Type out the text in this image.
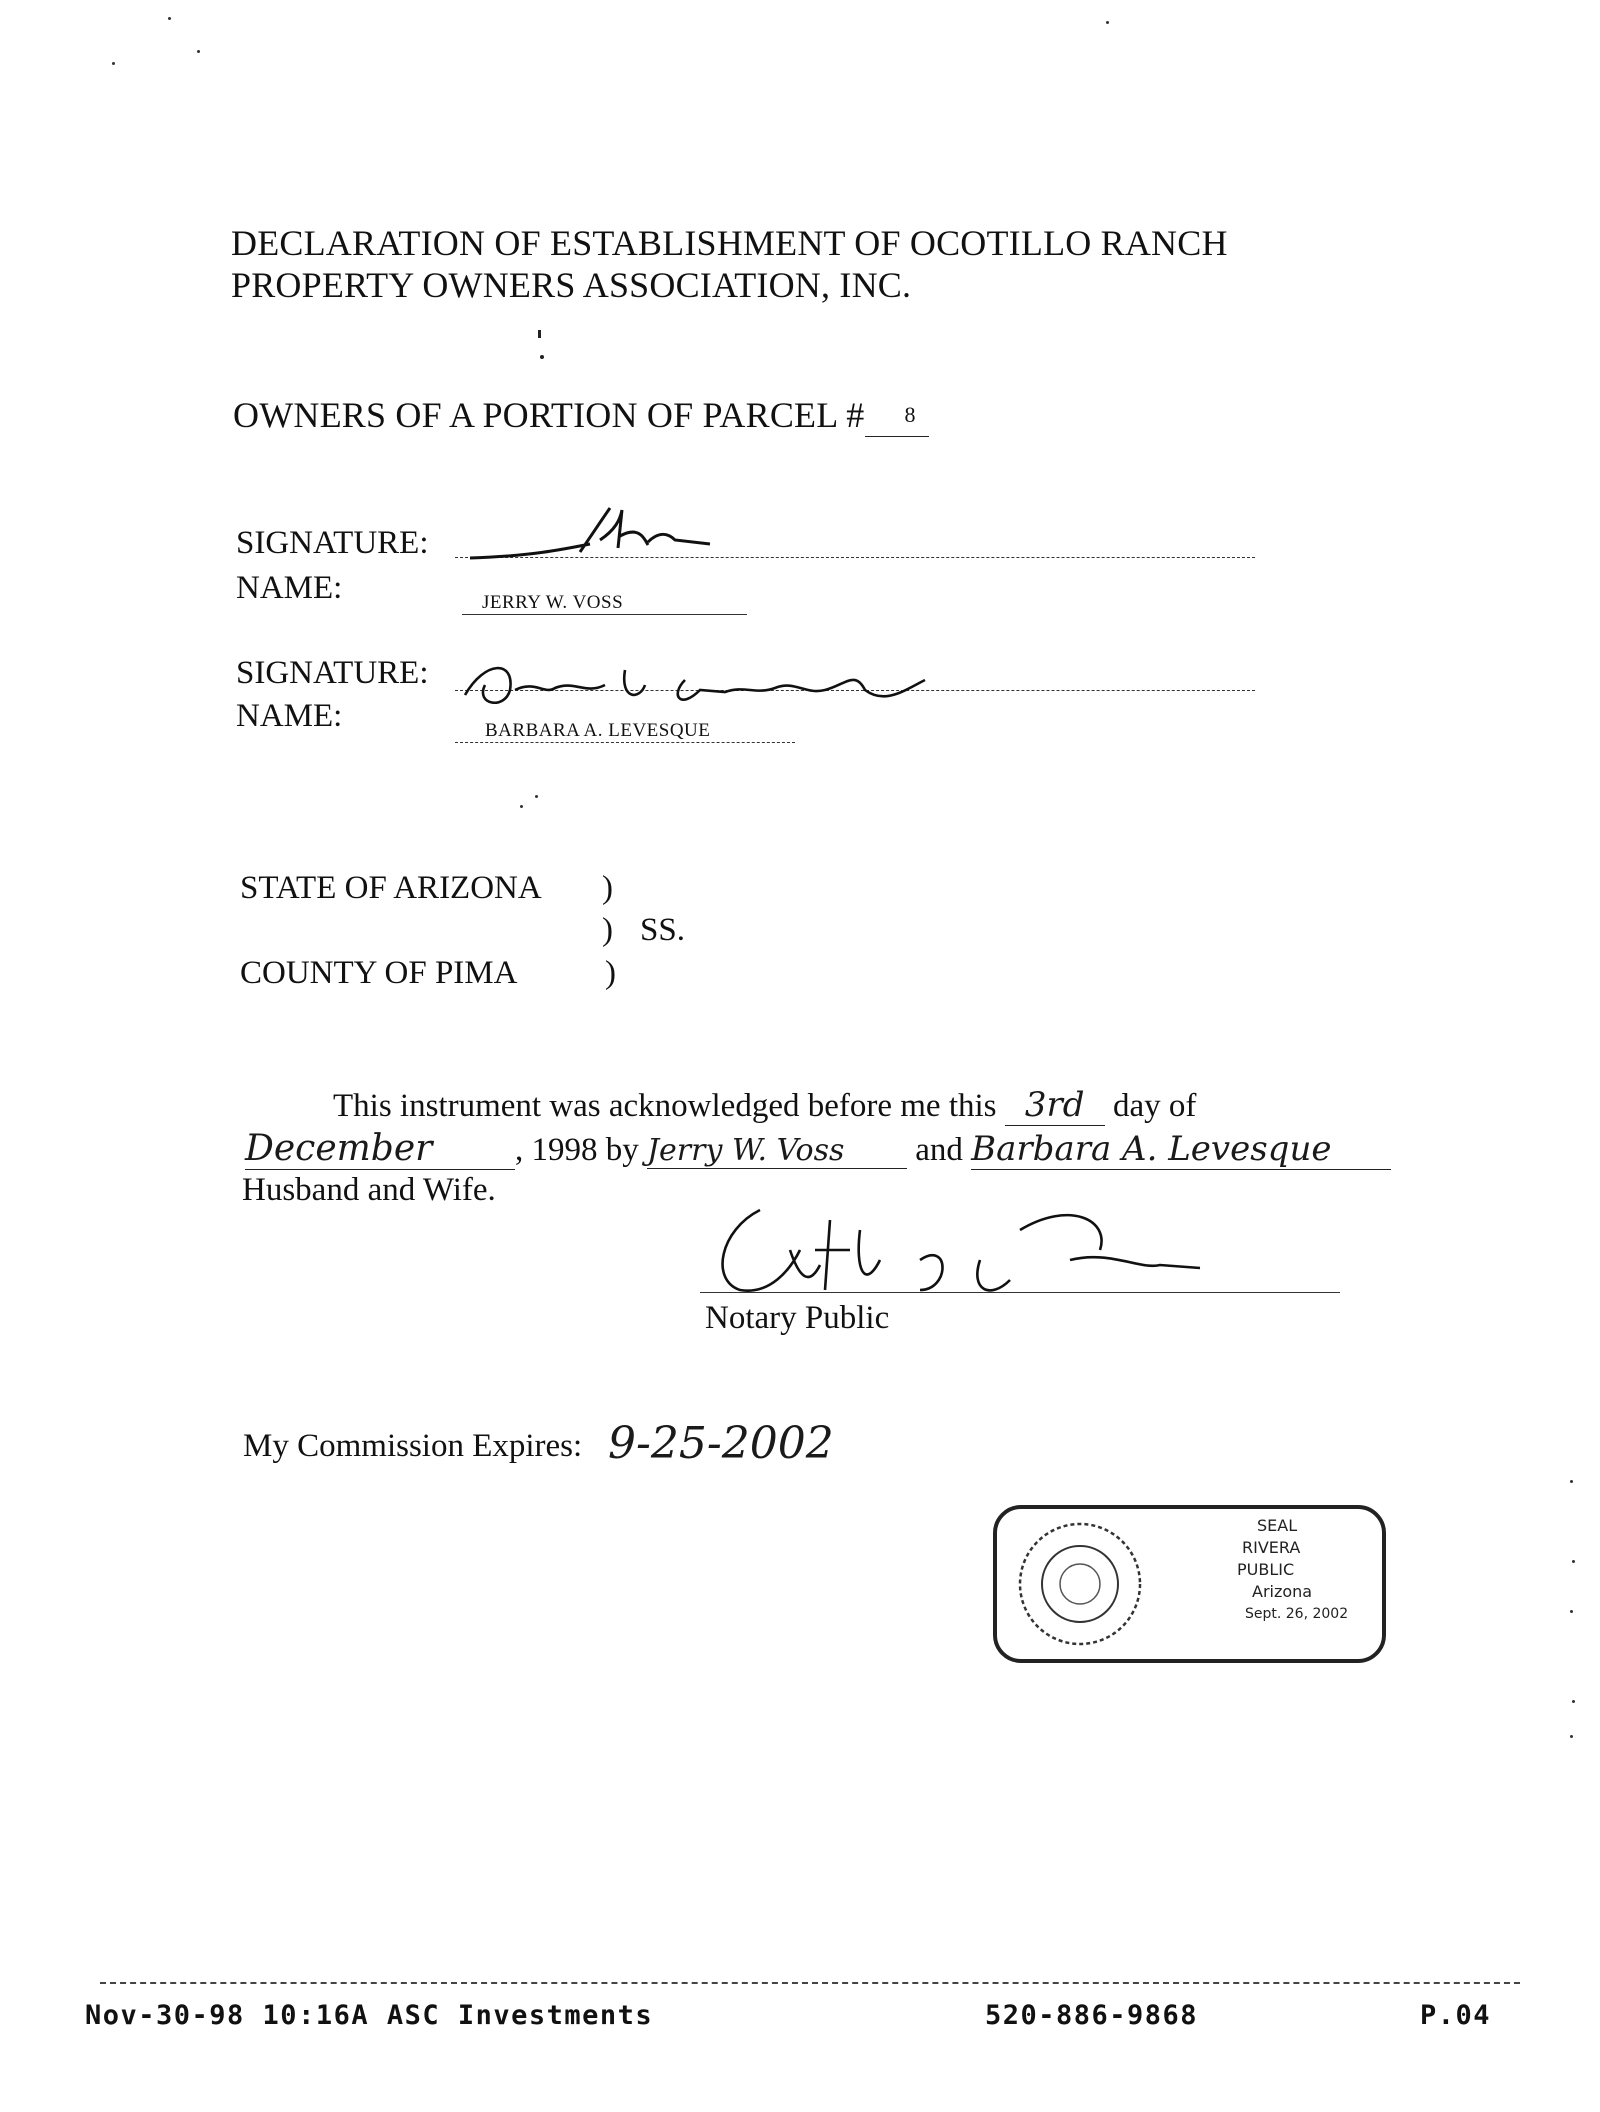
DECLARATION OF ESTABLISHMENT OF OCOTILLO RANCH
PROPERTY OWNERS ASSOCIATION, INC.
OWNERS OF A PORTION OF PARCEL # 8

SIGNATURE:
NAME:	JERRY W. VOSS
SIGNATURE:
NAME:	BARBARA A. LEVESQUE
STATE OF ARIZONA )
) SS.
COUNTY OF PIMA	)
This instrument was acknowledged before me this 3rd day of
December	, 1998 by Jerry W. Voss and Barbara A. Levesque
Husband and Wife.
Notary Public
My Commission Expires: 9-25-2002
SEAL
RIVERA
PUBLIC
Arizona
Sept. 26, 2002
Nov-30-98 10:16A ASC Investments	520-886-9868	P.04
